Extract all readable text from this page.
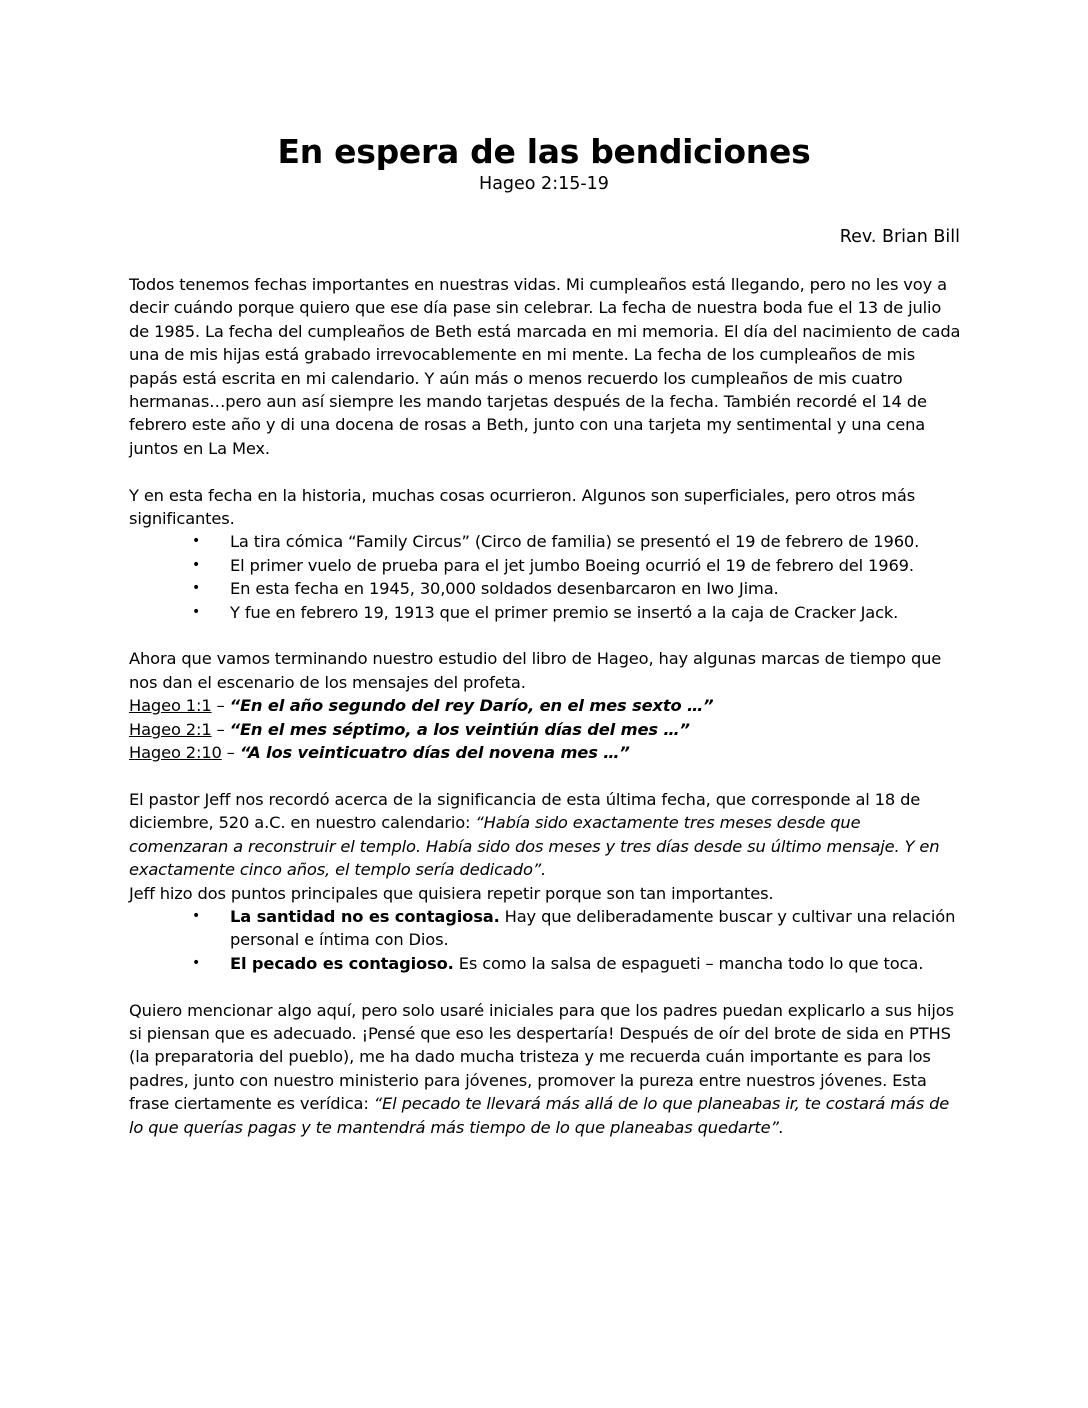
En espera de las bendiciones
Hageo 2:15-19
Rev. Brian Bill

Todos tenemos fechas importantes en nuestras vidas. Mi cumpleaños está llegando, pero no les voy a decir cuándo porque quiero que ese día pase sin celebrar. La fecha de nuestra boda fue el 13 de julio de 1985. La fecha del cumpleaños de Beth está marcada en mi memoria. El día del nacimiento de cada una de mis hijas está grabado irrevocablemente en mi mente. La fecha de los cumpleaños de mis papás está escrita en mi calendario. Y aún más o menos recuerdo los cumpleaños de mis cuatro hermanas…pero aun así siempre les mando tarjetas después de la fecha. También recordé el 14 de febrero este año y di una docena de rosas a Beth, junto con una tarjeta my sentimental y una cena juntos en La Mex.

Y en esta fecha en la historia, muchas cosas ocurrieron. Algunos son superficiales, pero otros más significantes.

•	La tira cómica “Family Circus” (Circo de familia) se presentó el 19 de febrero de 1960.
•	El primer vuelo de prueba para el jet jumbo Boeing ocurrió el 19 de febrero del 1969.
•	En esta fecha en 1945, 30,000 soldados desenbarcaron en Iwo Jima.
•	Y fue en febrero 19, 1913 que el primer premio se insertó a la caja de Cracker Jack.

Ahora que vamos terminando nuestro estudio del libro de Hageo, hay algunas marcas de tiempo que nos dan el escenario de los mensajes del profeta.

Hageo 1:1 – “En el año segundo del rey Darío, en el mes sexto …”

Hageo 2:1 – “En el mes séptimo, a los veintiún días del mes …”

Hageo 2:10 – “A los veinticuatro días del novena mes …”

El pastor Jeff nos recordó acerca de la significancia de esta última fecha, que corresponde al 18 de diciembre, 520 a.C. en nuestro calendario: “Había sido exactamente tres meses desde que comenzaran a reconstruir el templo. Había sido dos meses y tres días desde su último mensaje. Y en exactamente cinco años, el templo sería dedicado”.

Jeff hizo dos puntos principales que quisiera repetir porque son tan importantes.

•	La santidad no es contagiosa. Hay que deliberadamente buscar y cultivar una relación personal e íntima con Dios.
•	El pecado es contagioso. Es como la salsa de espagueti – mancha todo lo que toca.

Quiero mencionar algo aquí, pero solo usaré iniciales para que los padres puedan explicarlo a sus hijos si piensan que es adecuado. ¡Pensé que eso les despertaría! Después de oír del brote de sida en PTHS (la preparatoria del pueblo), me ha dado mucha tristeza y me recuerda cuán importante es para los padres, junto con nuestro ministerio para jóvenes, promover la pureza entre nuestros jóvenes. Esta frase ciertamente es verídica: “El pecado te llevará más allá de lo que planeabas ir, te costará más de lo que querías pagas y te mantendrá más tiempo de lo que planeabas quedarte”.
